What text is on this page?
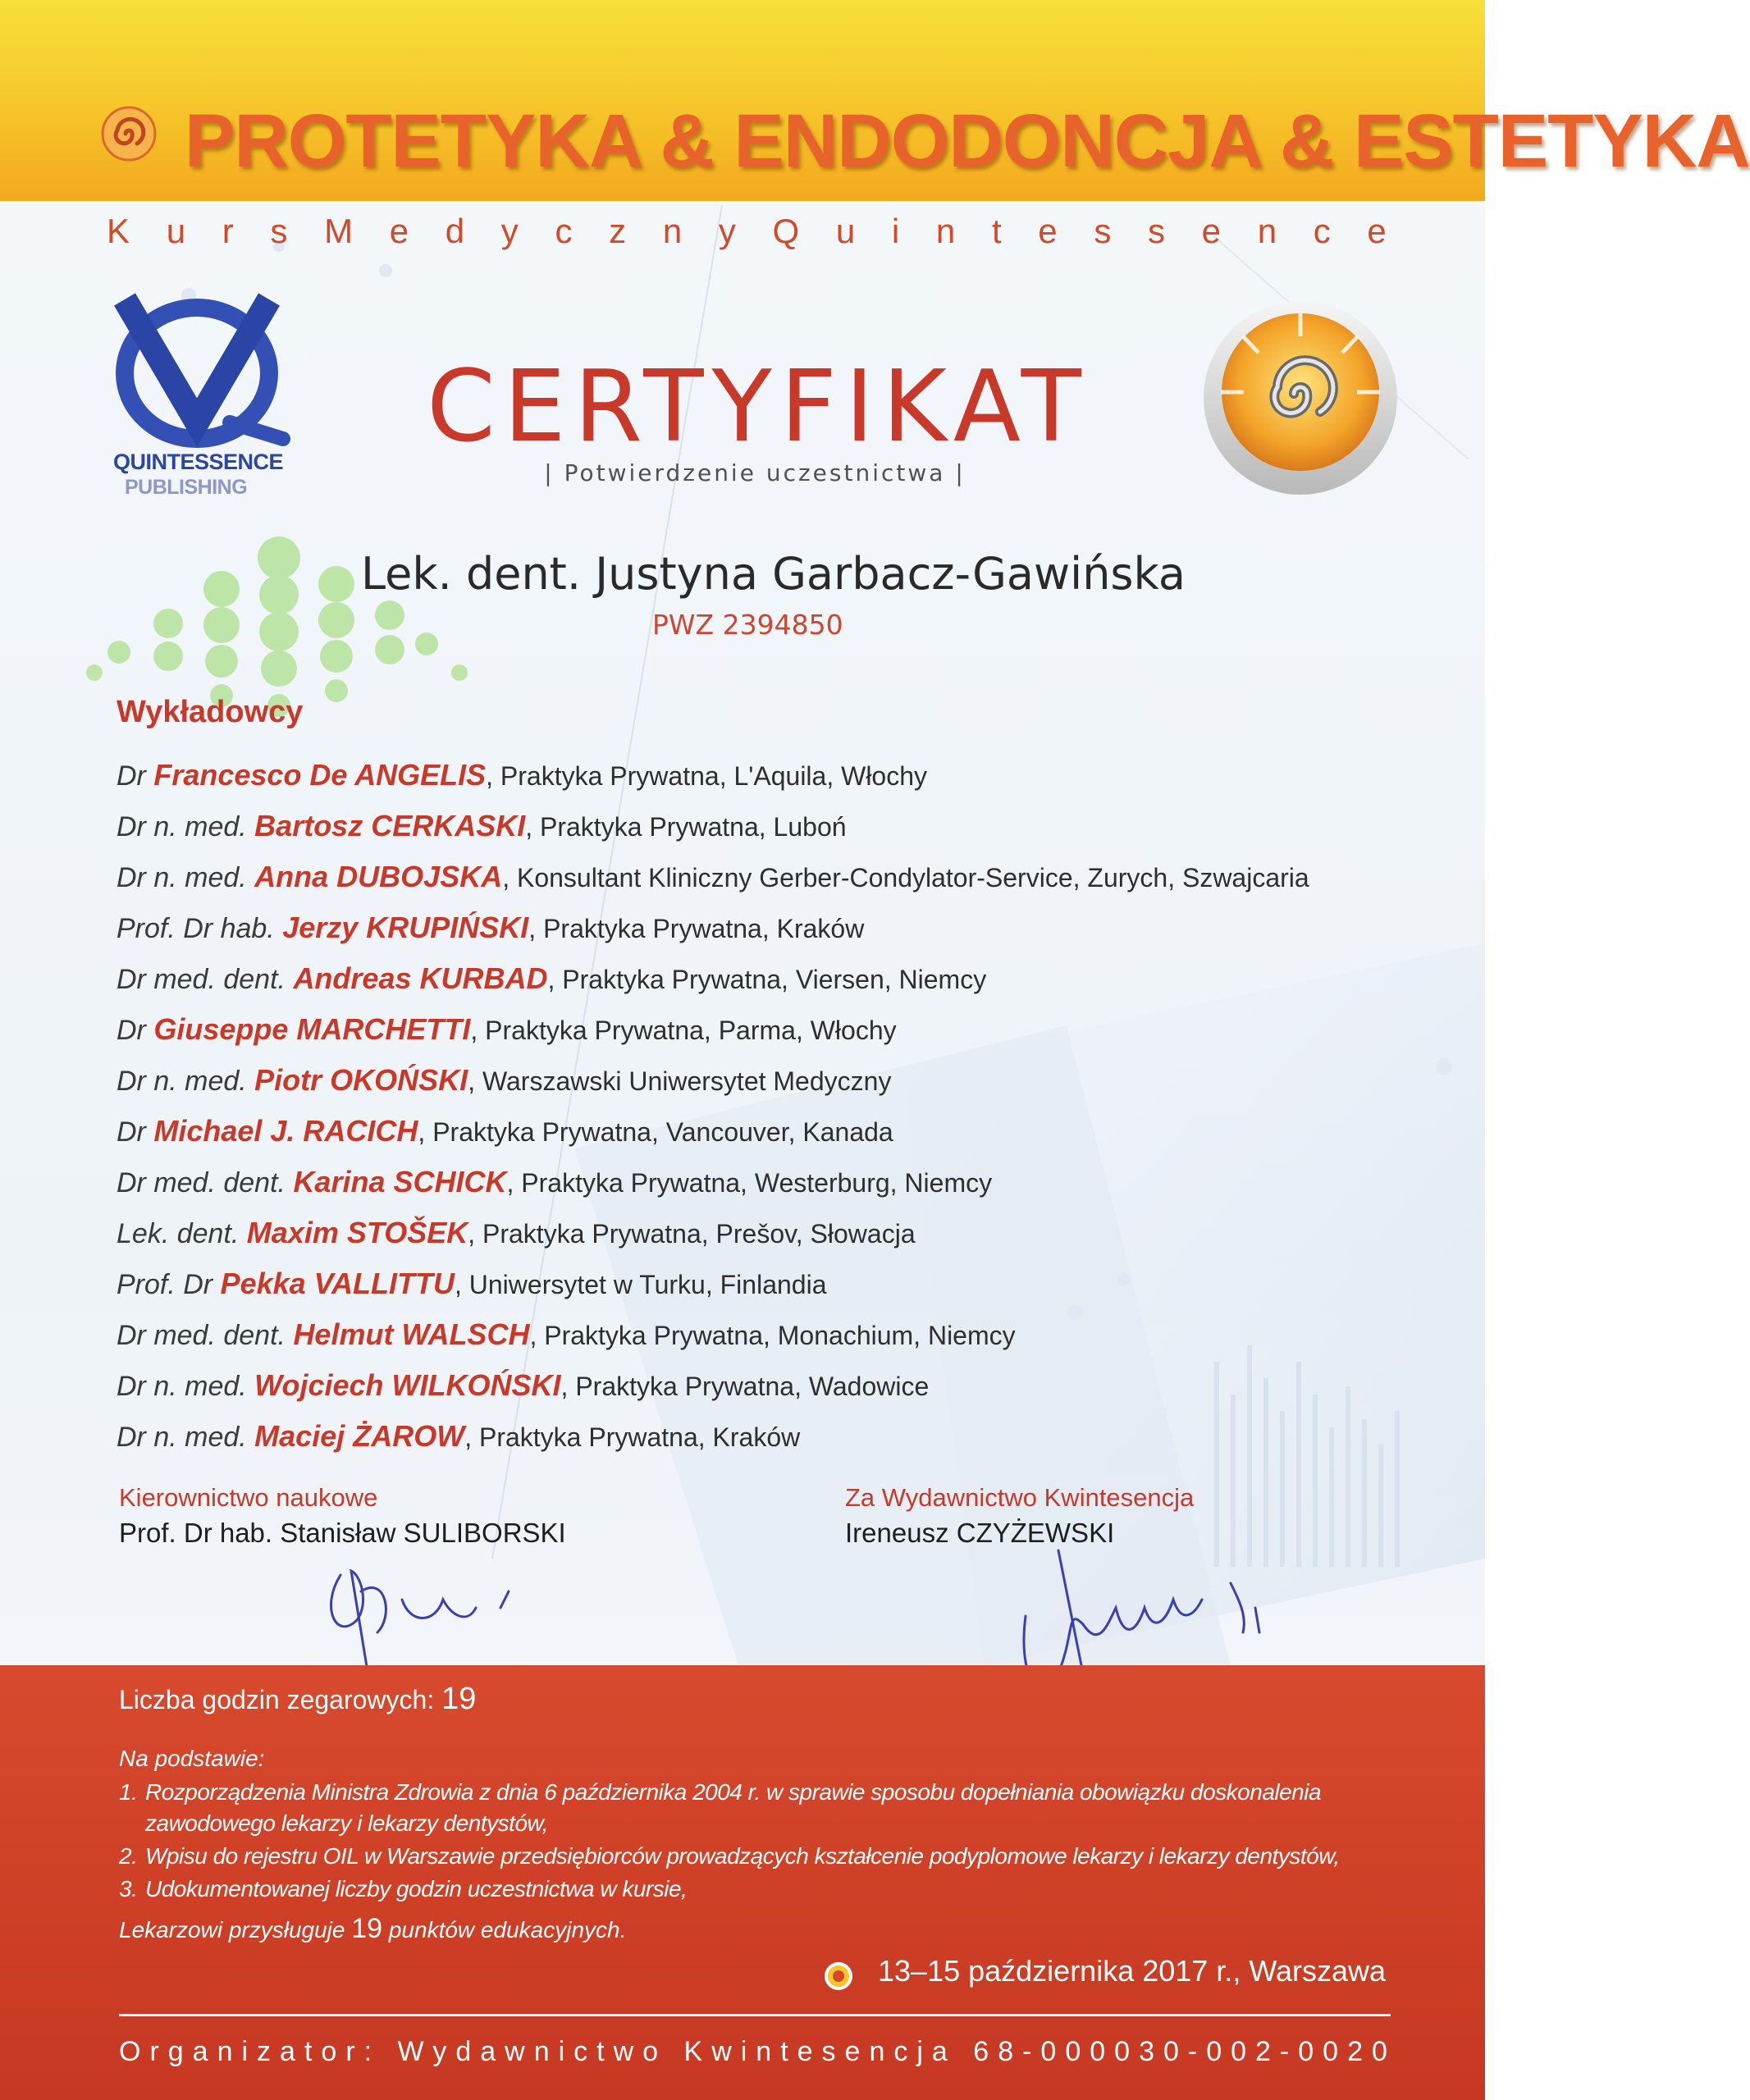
PROTETYKA & ENDODONCJA & ESTETYKA
K u r s M e d y c z n y Q u i n t e s s e n c e
QUINTESSENCE
PUBLISHING
CERTYFIKAT
| Potwierdzenie uczestnictwa |
Lek. dent. Justyna Garbacz-Gawińska
PWZ 2394850
Wykładowcy
Dr Francesco De ANGELIS, Praktyka Prywatna, L'Aquila, Włochy
Dr n. med. Bartosz CERKASKI, Praktyka Prywatna, Luboń
Dr n. med. Anna DUBOJSKA, Konsultant Kliniczny Gerber-Condylator-Service, Zurych, Szwajcaria
Prof. Dr hab. Jerzy KRUPIŃSKI, Praktyka Prywatna, Kraków
Dr med. dent. Andreas KURBAD, Praktyka Prywatna, Viersen, Niemcy
Dr Giuseppe MARCHETTI, Praktyka Prywatna, Parma, Włochy
Dr n. med. Piotr OKOŃSKI, Warszawski Uniwersytet Medyczny
Dr Michael J. RACICH, Praktyka Prywatna, Vancouver, Kanada
Dr med. dent. Karina SCHICK, Praktyka Prywatna, Westerburg, Niemcy
Lek. dent. Maxim STOŠEK, Praktyka Prywatna, Prešov, Słowacja
Prof. Dr Pekka VALLITTU, Uniwersytet w Turku, Finlandia
Dr med. dent. Helmut WALSCH, Praktyka Prywatna, Monachium, Niemcy
Dr n. med. Wojciech WILKOŃSKI, Praktyka Prywatna, Wadowice
Dr n. med. Maciej ŻAROW, Praktyka Prywatna, Kraków
Kierownictwo naukowe
Prof. Dr hab. Stanisław SULIBORSKI
Za Wydawnictwo Kwintesencja
Ireneusz CZYŻEWSKI
Liczba godzin zegarowych: 19
Na podstawie:
1. Rozporządzenia Ministra Zdrowia z dnia 6 października 2004 r. w sprawie sposobu dopełniania obowiązku doskonalenia
zawodowego lekarzy i lekarzy dentystów,
2. Wpisu do rejestru OIL w Warszawie przedsiębiorców prowadzących kształcenie podyplomowe lekarzy i lekarzy dentystów,
3. Udokumentowanej liczby godzin uczestnictwa w kursie,
Lekarzowi przysługuje 19 punktów edukacyjnych.
13–15 października 2017 r., Warszawa
Organizator: Wydawnictwo Kwintesencja 68-000030-002-0020
